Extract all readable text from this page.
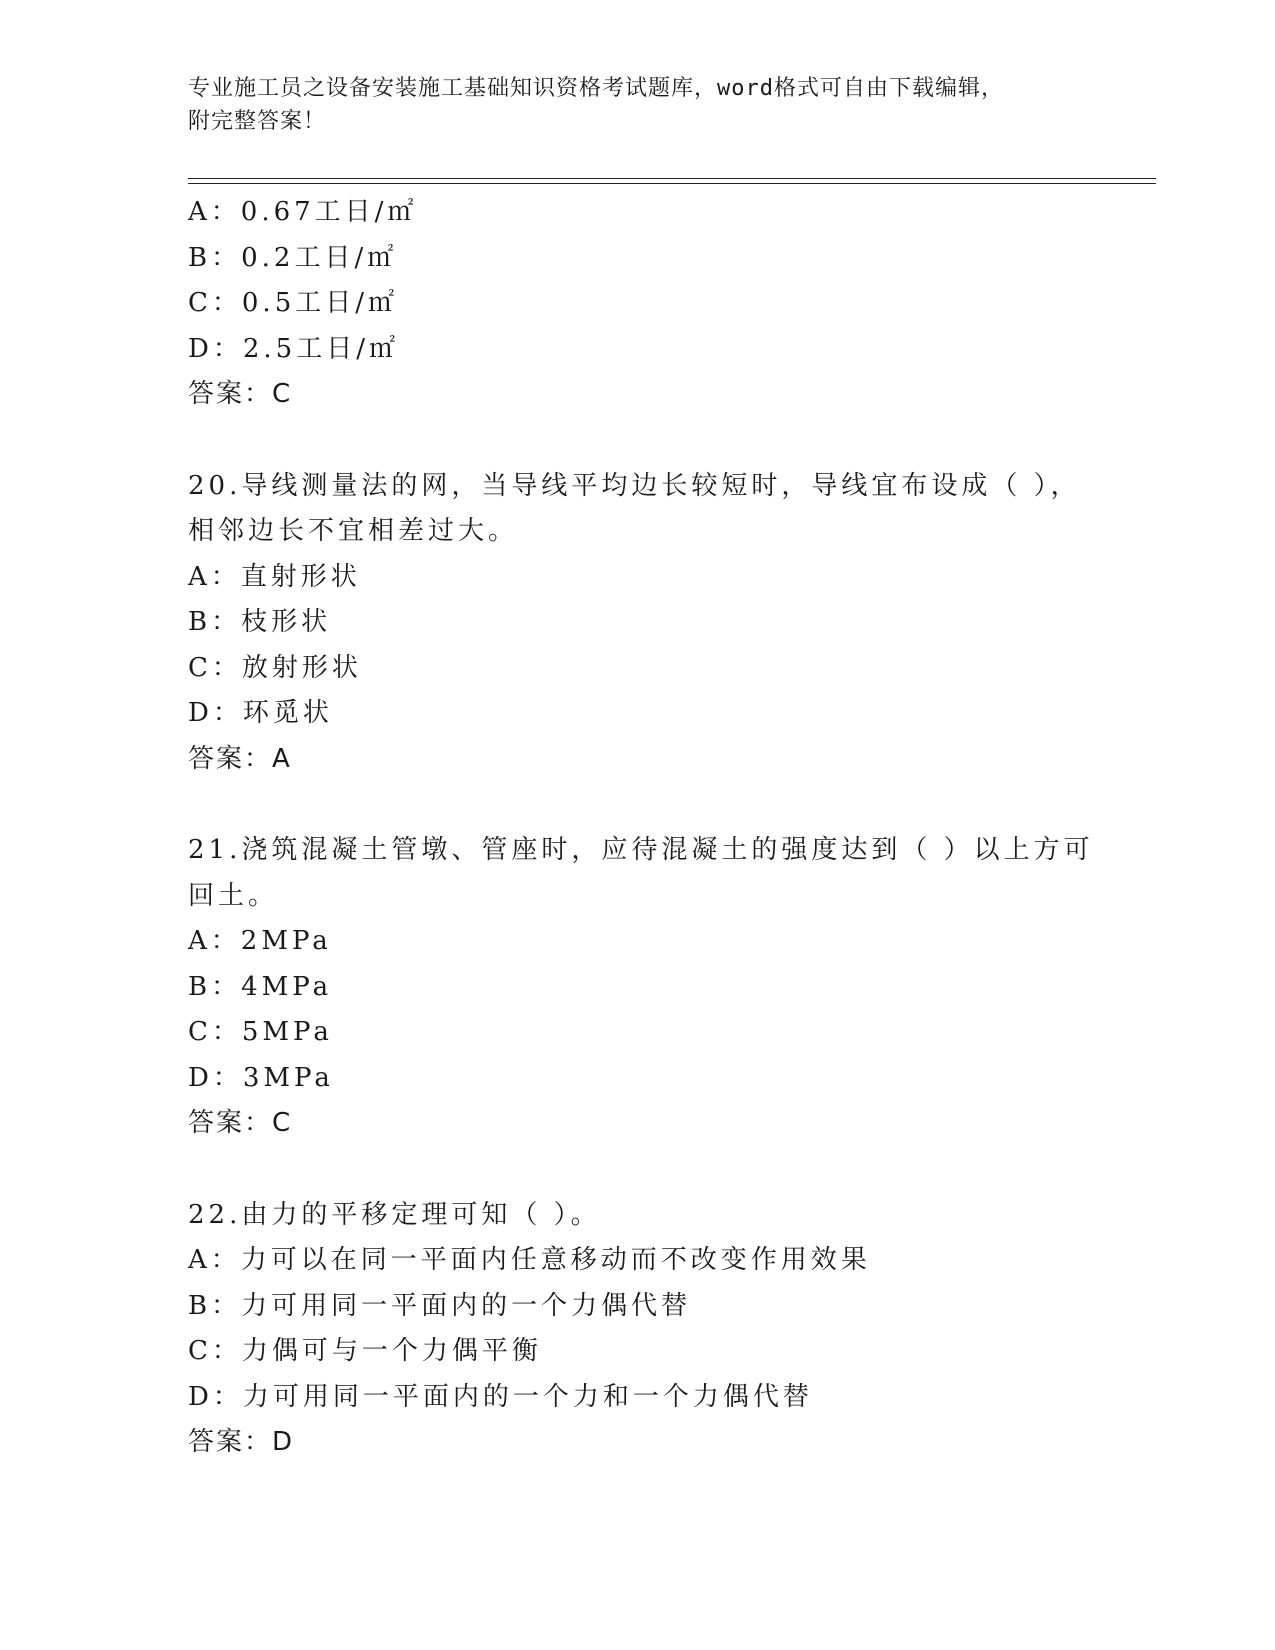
专业施工员之设备安装施工基础知识资格考试题库，word格式可自由下载编辑，

附完整答案！

A：0.67工日/㎡
B：0.2工日/㎡
C：0.5工日/㎡
D：2.5工日/㎡
答案：C
20.导线测量法的网，当导线平均边长较短时，导线宜布设成（ ），
相邻边长不宜相差过大。
A：直射形状
B：枝形状
C：放射形状
D：环觅状
答案：A
21.浇筑混凝土管墩、管座时，应待混凝土的强度达到（ ）以上方可
回土。
A：2MPa
B：4MPa
C：5MPa
D：3MPa
答案：C
22.由力的平移定理可知（ ）。
A：力可以在同一平面内任意移动而不改变作用效果
B：力可用同一平面内的一个力偶代替
C：力偶可与一个力偶平衡
D：力可用同一平面内的一个力和一个力偶代替
答案：D
